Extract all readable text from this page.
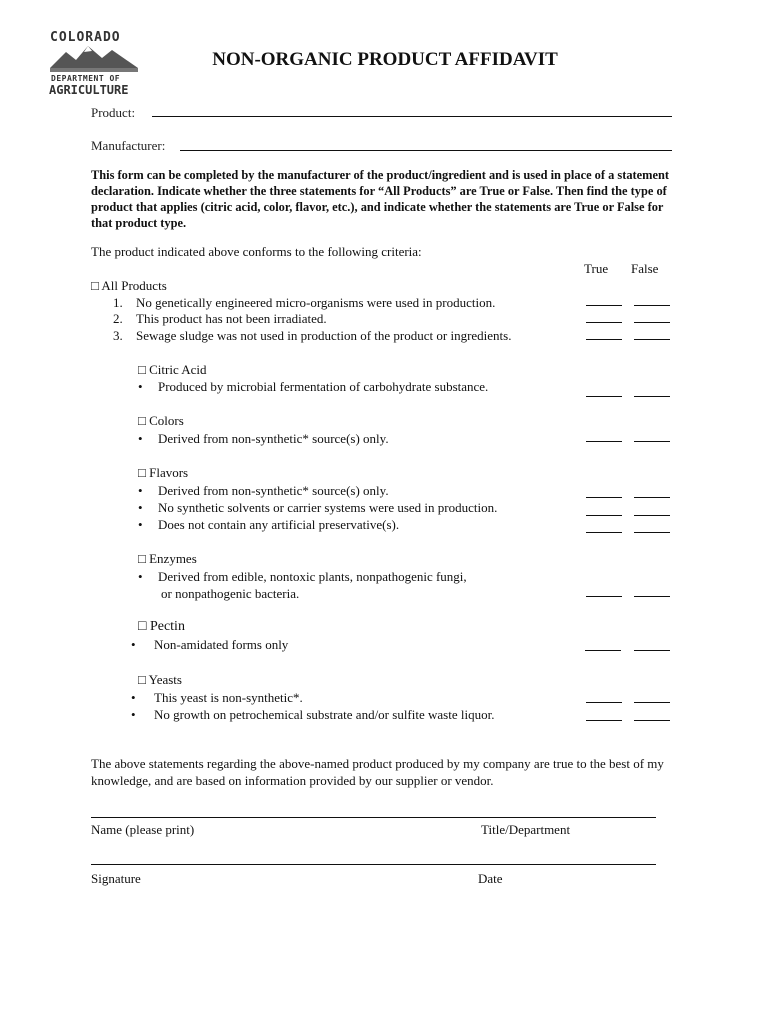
COLORADO
DEPARTMENT OF
AGRICULTURE
NON-ORGANIC PRODUCT AFFIDAVIT
Product:
Manufacturer:
This form can be completed by the manufacturer of the product/ingredient and is used in place of a statement declaration. Indicate whether the three statements for “All Products” are True or False. Then find the type of product that applies (citric acid, color, flavor, etc.), and indicate whether the statements are True or False for that product type.
The product indicated above conforms to the following criteria:
True False
□ All Products
1. No genetically engineered micro-organisms were used in production.
2. This product has not been irradiated.
3. Sewage sludge was not used in production of the product or ingredients.
□ Citric Acid
• Produced by microbial fermentation of carbohydrate substance.
□ Colors
• Derived from non-synthetic* source(s) only.
□ Flavors
• Derived from non-synthetic* source(s) only.
• No synthetic solvents or carrier systems were used in production.
• Does not contain any artificial preservative(s).
□ Enzymes
• Derived from edible, nontoxic plants, nonpathogenic fungi,
or nonpathogenic bacteria.
□ Pectin
• Non-amidated forms only
□ Yeasts
• This yeast is non-synthetic*.
• No growth on petrochemical substrate and/or sulfite waste liquor.
The above statements regarding the above-named product produced by my company are true to the best of my knowledge, and are based on information provided by our supplier or vendor.
Name (please print)	Title/Department
Signature	Date
